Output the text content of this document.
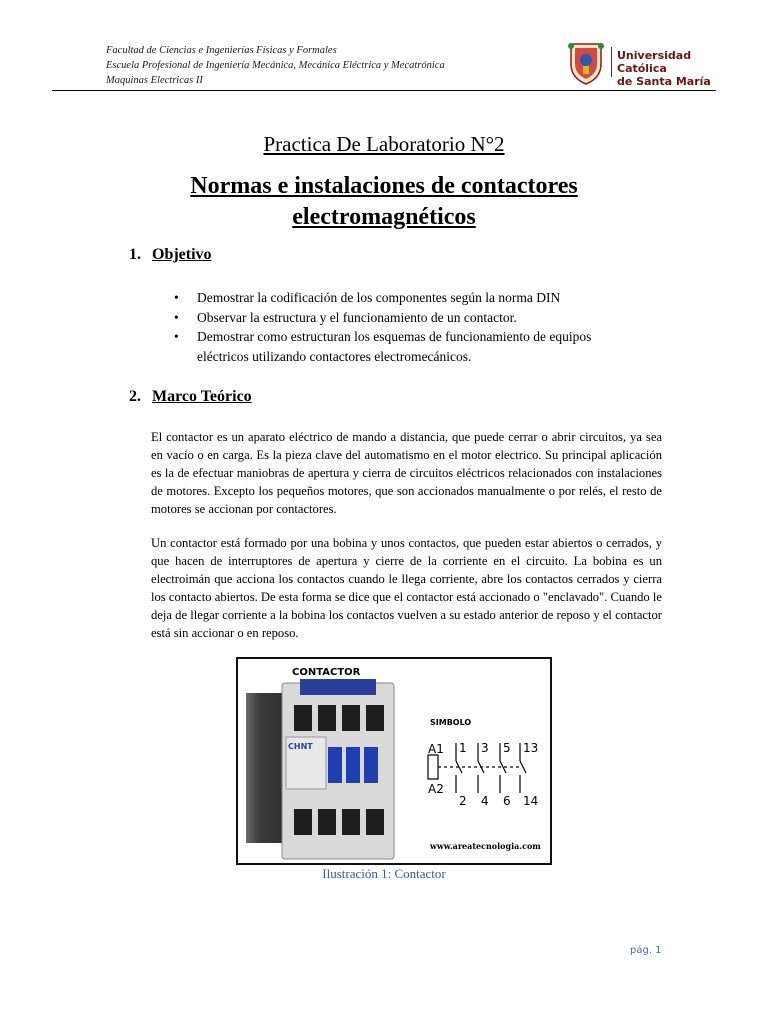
Facultad de Ciencias e Ingenierías Físicas y Formales
Escuela Profesional de Ingeniería Mecánica, Mecánica Eléctrica y Mecatrónica
Maquinas Electricas II
Universidad Católica
de Santa María
Practica De Laboratorio N°2
Normas e instalaciones de contactores
electromagnéticos
1. Objetivo
• Demostrar la codificación de los componentes según la norma DIN
• Observar la estructura y el funcionamiento de un contactor.
• Demostrar como estructuran los esquemas de funcionamiento de equipos eléctricos utilizando contactores electromecánicos.
2. Marco Teórico

El contactor es un aparato eléctrico de mando a distancia, que puede cerrar o abrir circuitos, ya sea en vacío o en carga. Es la pieza clave del automatismo en el motor electrico. Su principal aplicación es la de efectuar maniobras de apertura y cierra de circuitos eléctricos relacionados con instalaciones de motores. Excepto los pequeños motores, que son accionados manualmente o por relés, el resto de motores se accionan por contactores.

Un contactor está formado por una bobina y unos contactos, que pueden estar abiertos o cerrados, y que hacen de interruptores de apertura y cierre de la corriente en el circuito. La bobina es un electroimán que acciona los contactos cuando le llega corriente, abre los contactos cerrados y cierra los contacto abiertos. De esta forma se dice que el contactor está accionado o "enclavado". Cuando le deja de llegar corriente a la bobina los contactos vuelven a su estado anterior de reposo y el contactor está sin accionar o en reposo.

CONTACTOR
CHNT
SIMBOLO
A1
A2
1 3 5 13
2 4 6 14
www.areatecnologia.com
Ilustración 1: Contactor
pág. 1
